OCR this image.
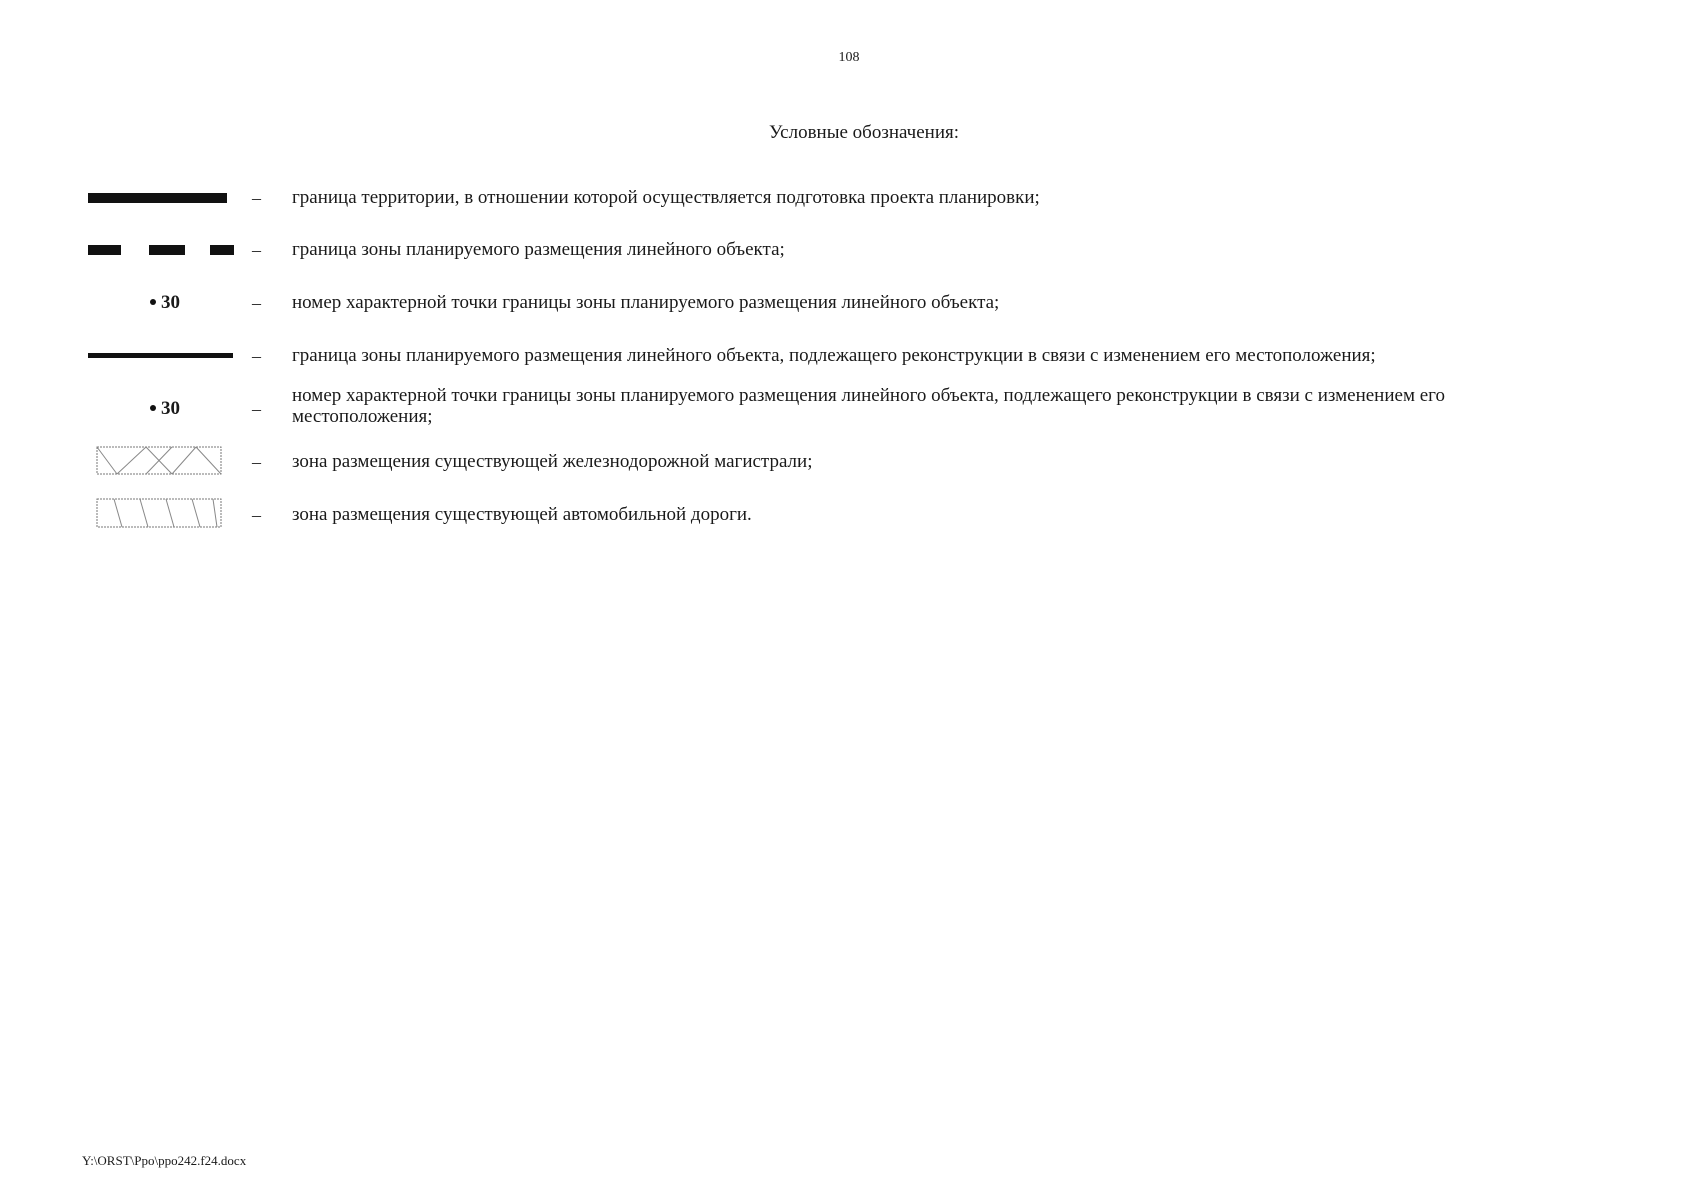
108
Условные обозначения:
– граница территории, в отношении которой осуществляется подготовка проекта планировки;
– граница зоны планируемого размещения линейного объекта;
30	– номер характерной точки границы зоны планируемого размещения линейного объекта;
– граница зоны планируемого размещения линейного объекта, подлежащего реконструкции в связи с изменением его местоположения;
30	–
номер характерной точки границы зоны планируемого размещения линейного объекта, подлежащего реконструкции в связи с изменением его местоположения;
– зона размещения существующей железнодорожной магистрали;
– зона размещения существующей автомобильной дороги.
Y:\ORST\Ppo\ppo242.f24.docx
